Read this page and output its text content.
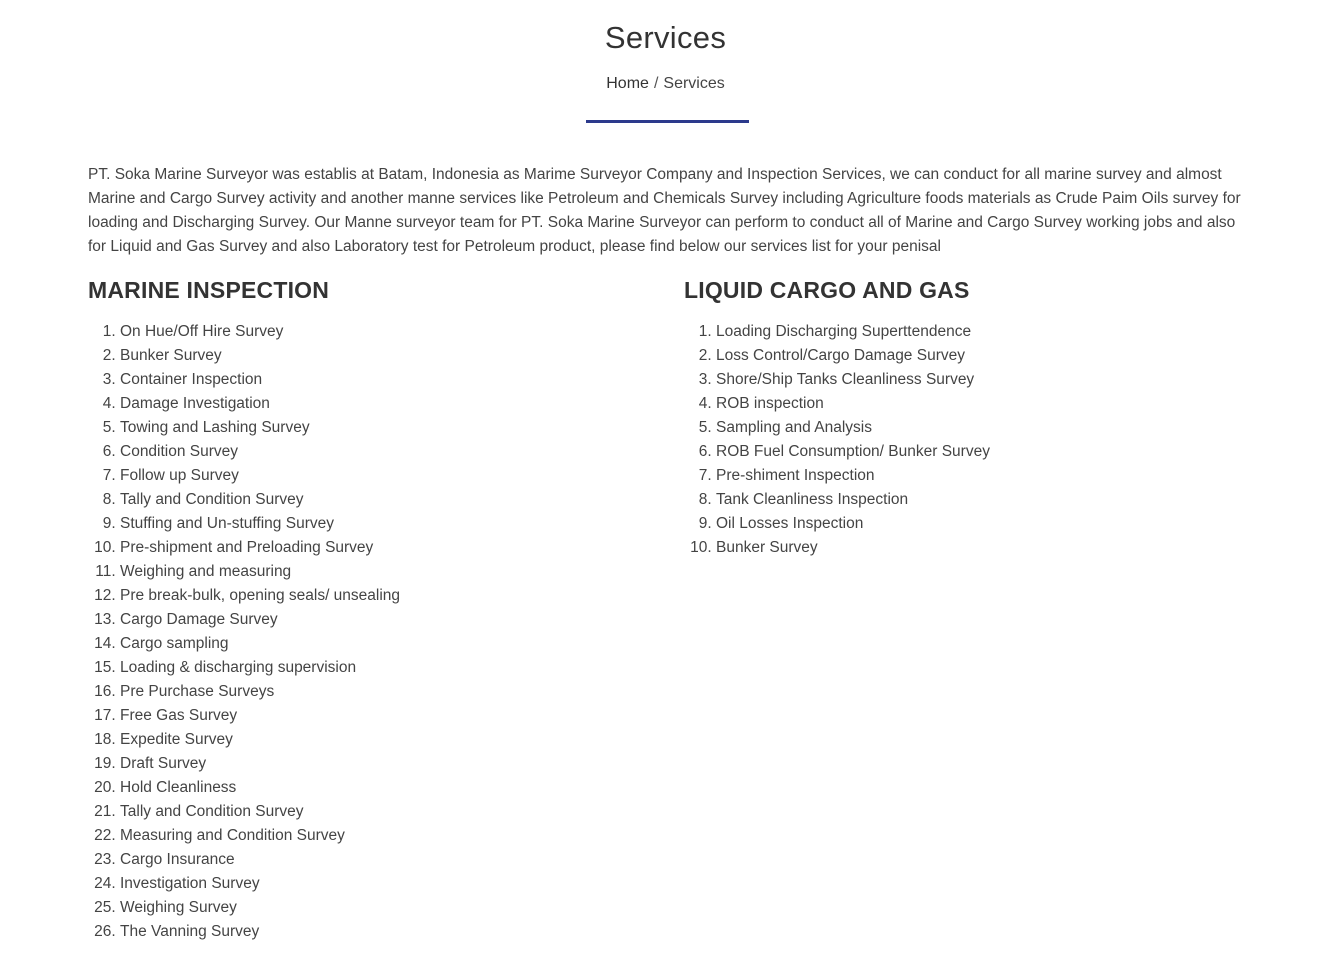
Services
Home / Services

PT. Soka Marine Surveyor was establis at Batam, Indonesia as Marime Surveyor Company and Inspection Services, we can conduct for all marine survey and almost Marine and Cargo Survey activity and another manne services like Petroleum and Chemicals Survey including Agriculture foods materials as Crude Paim Oils survey for loading and Discharging Survey. Our Manne surveyor team for PT. Soka Marine Surveyor can perform to conduct all of Marine and Cargo Survey working jobs and also for Liquid and Gas Survey and also Laboratory test for Petroleum product, please find below our services list for your penisal

MARINE INSPECTION
1. On Hue/Off Hire Survey
2. Bunker Survey
3. Container Inspection
4. Damage Investigation
5. Towing and Lashing Survey
6. Condition Survey
7. Follow up Survey
8. Tally and Condition Survey
9. Stuffing and Un-stuffing Survey
10. Pre-shipment and Preloading Survey
11. Weighing and measuring
12. Pre break-bulk, opening seals/ unsealing
13. Cargo Damage Survey
14. Cargo sampling
15. Loading & discharging supervision
16. Pre Purchase Surveys
17. Free Gas Survey
18. Expedite Survey
19. Draft Survey
20. Hold Cleanliness
21. Tally and Condition Survey
22. Measuring and Condition Survey
23. Cargo Insurance
24. Investigation Survey
25. Weighing Survey
26. The Vanning Survey
LIQUID CARGO AND GAS
1. Loading Discharging Superttendence
2. Loss Control/Cargo Damage Survey
3. Shore/Ship Tanks Cleanliness Survey
4. ROB inspection
5. Sampling and Analysis
6. ROB Fuel Consumption/ Bunker Survey
7. Pre-shiment Inspection
8. Tank Cleanliness Inspection
9. Oil Losses Inspection
10. Bunker Survey
